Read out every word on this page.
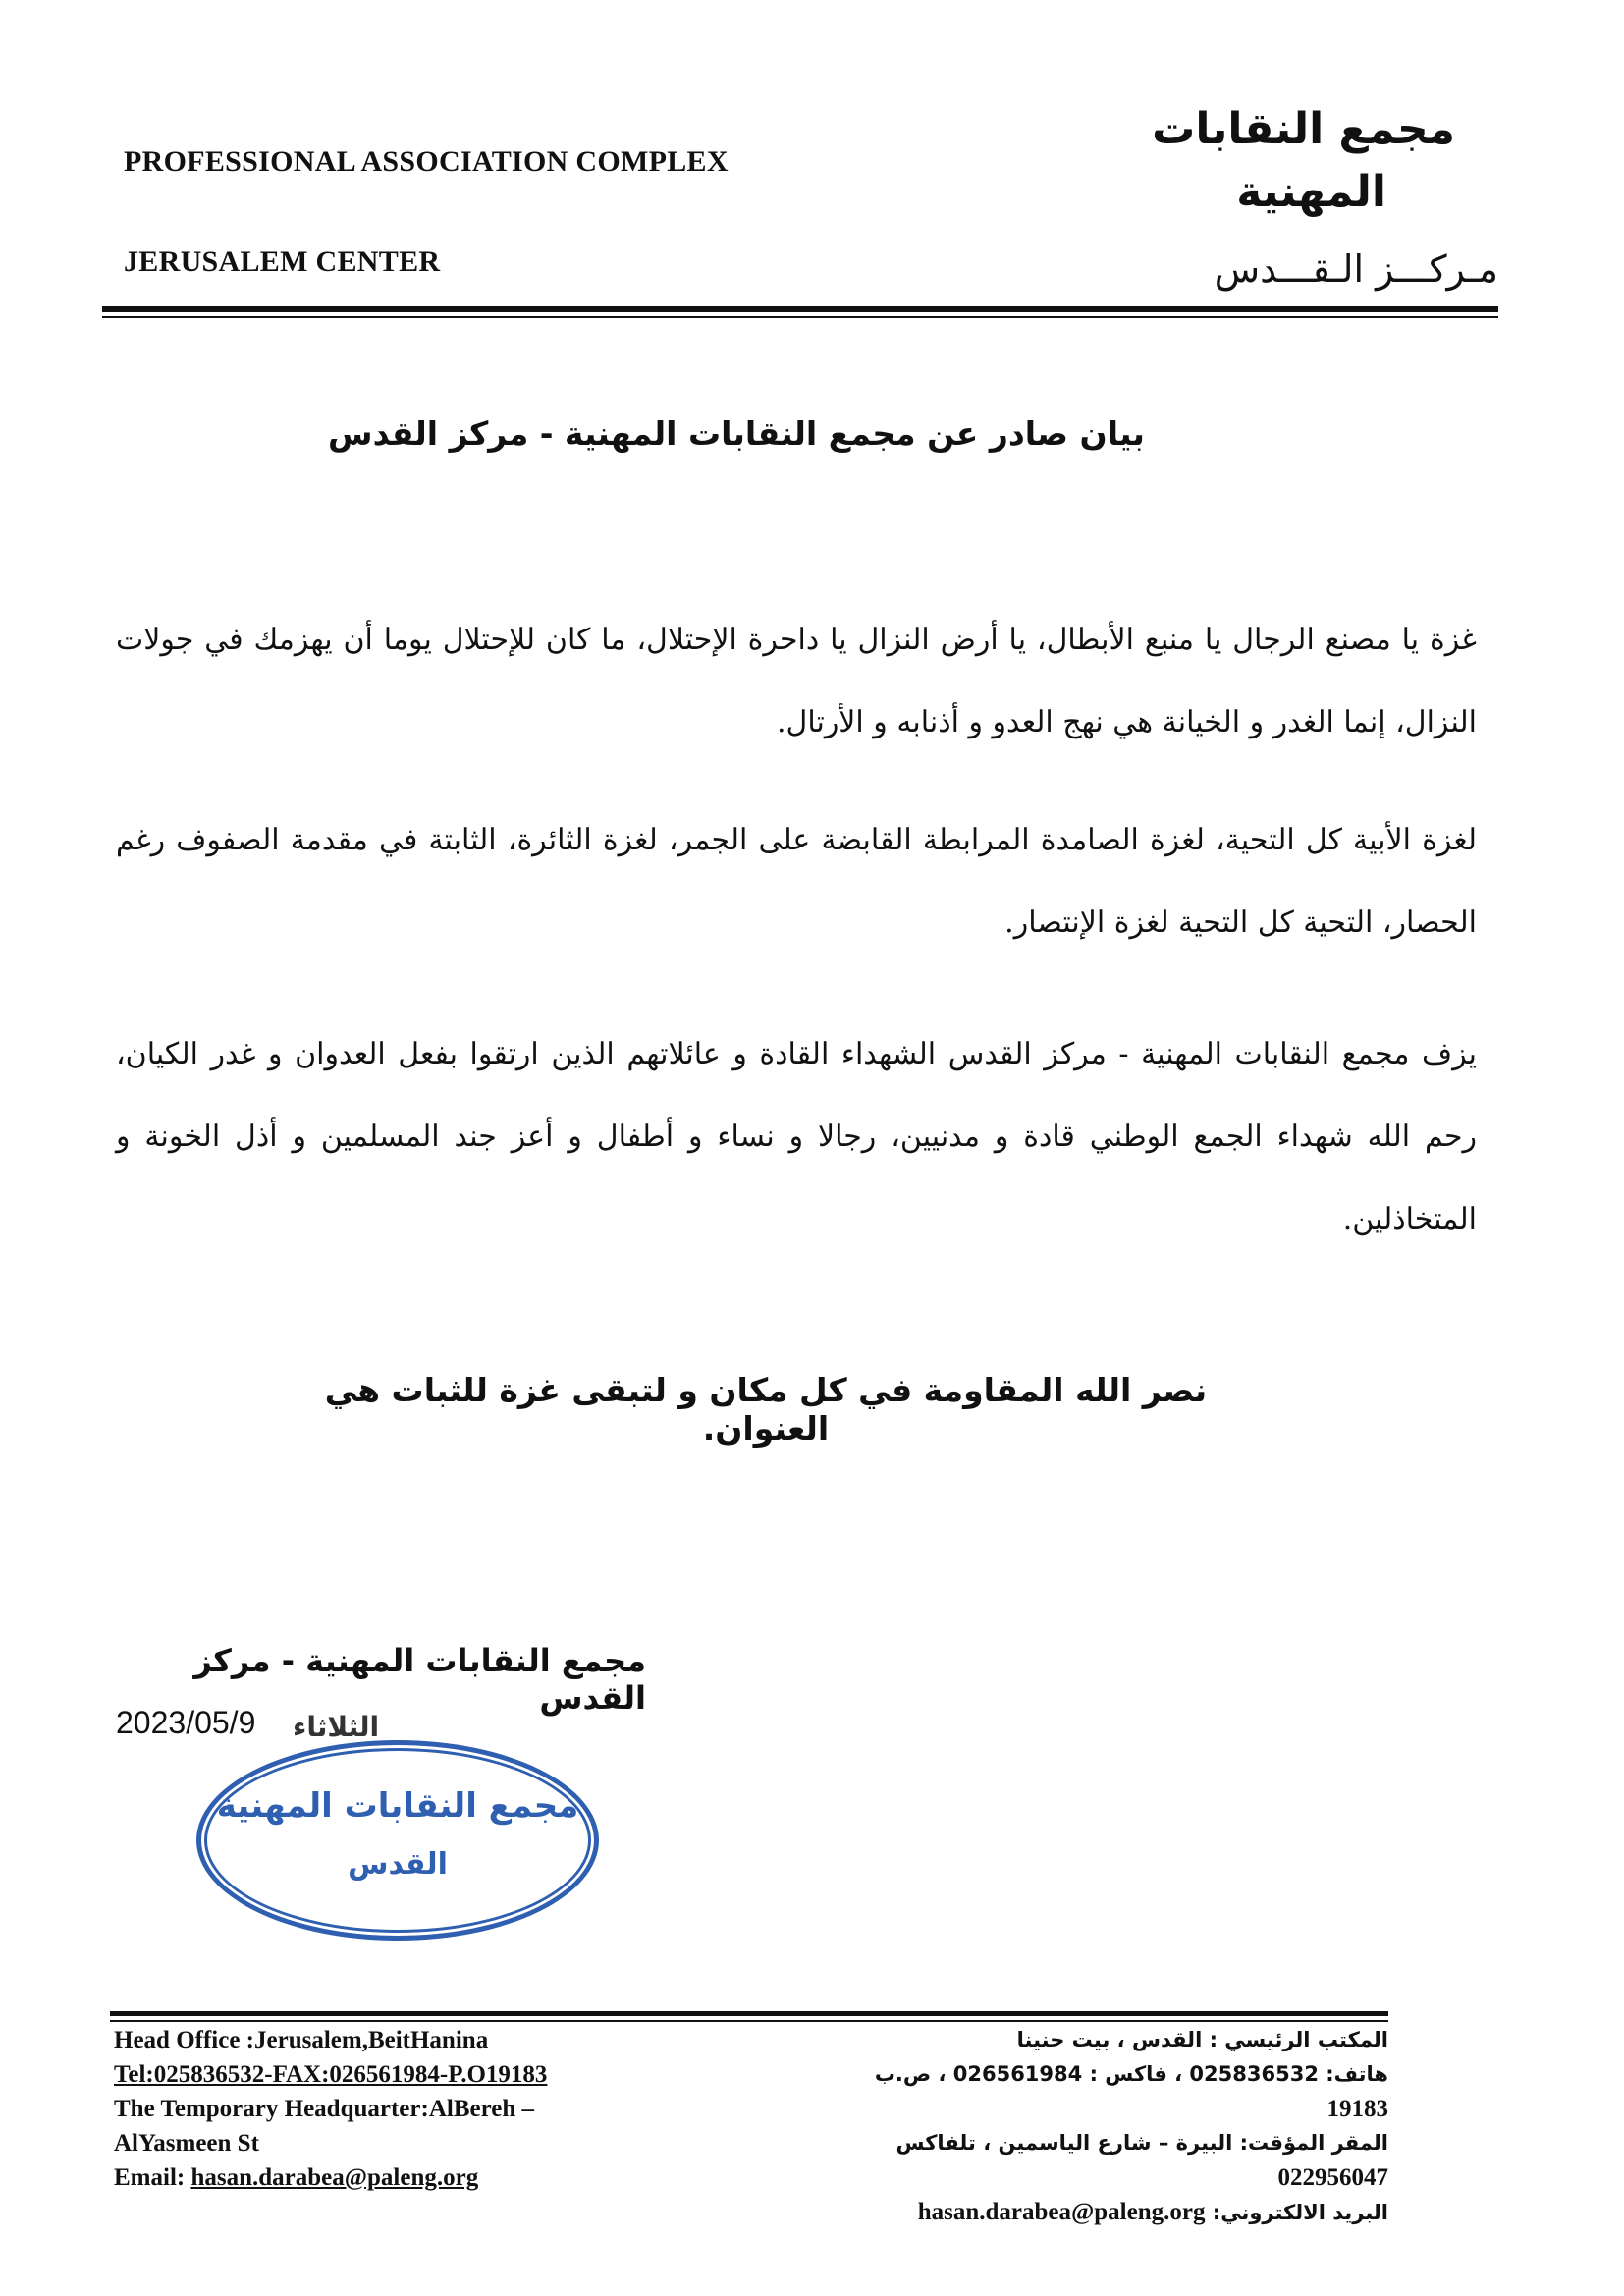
PROFESSIONAL ASSOCIATION COMPLEX
JERUSALEM CENTER
مجمع النقابات
المهنية
مـركـــز الـقـــدس
بيان صادر عن مجمع النقابات المهنية - مركز القدس
غزة يا مصنع الرجال يا منبع الأبطال، يا أرض النزال يا داحرة الإحتلال، ما كان للإحتلال يوما أن يهزمك في جولات النزال، إنما الغدر و الخيانة هي نهج العدو و أذنابه و الأرتال.
لغزة الأبية كل التحية، لغزة الصامدة المرابطة القابضة على الجمر، لغزة الثائرة، الثابتة في مقدمة الصفوف رغم الحصار، التحية كل التحية لغزة الإنتصار.
يزف مجمع النقابات المهنية - مركز القدس الشهداء القادة و عائلاتهم الذين ارتقوا بفعل العدوان و غدر الكيان، رحم الله شهداء الجمع الوطني قادة و مدنيين، رجالا و نساء و أطفال و أعز جند المسلمين و أذل الخونة و المتخاذلين.
نصر الله المقاومة في كل مكان و لتبقى غزة للثبات هي العنوان.
مجمع النقابات المهنية - مركز القدس
2023/05/9 الثلاثاء
مجمع النقابات المهنية
القدس
Head Office :Jerusalem,BeitHanina
Tel:025836532-FAX:026561984-P.O19183
The Temporary Headquarter:AlBereh –
AlYasmeen St
Email: hasan.darabea@paleng.org
المكتب الرئيسي : القدس ، بيت حنينا
هاتف: 025836532 ، فاكس : 026561984 ، ص.ب
19183
المقر المؤقت: البيرة – شارع الياسمين ، تلفاكس
022956047
البريد الالكتروني: hasan.darabea@paleng.org
